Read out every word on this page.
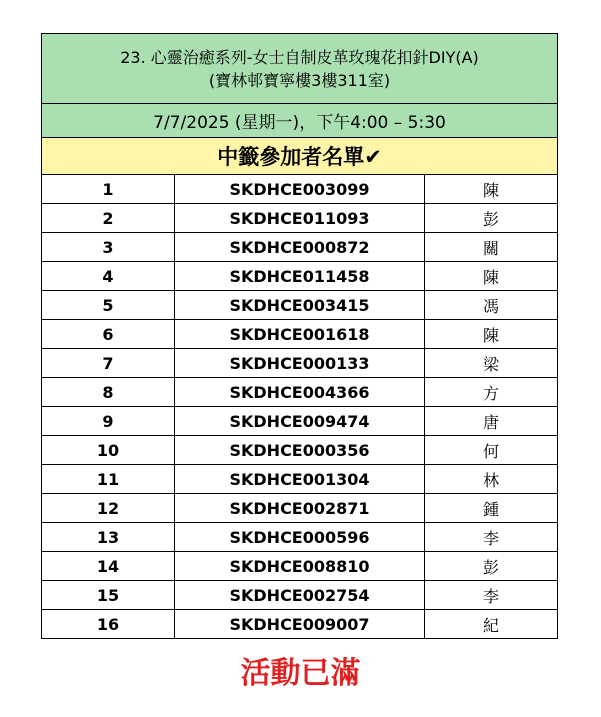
23. 心靈治癒系列-女士自制皮革玫瑰花扣針DIY(A)
(寶林邨寶寧樓3樓311室)		

7/7/2025 (星期一)，下午4:00 – 5:30		
中籤參加者名單✔		
1	SKDHCE003099	陳
2	SKDHCE011093	彭
3	SKDHCE000872	關
4	SKDHCE011458	陳
5	SKDHCE003415	馮
6	SKDHCE001618	陳
7	SKDHCE000133	梁
8	SKDHCE004366	方
9	SKDHCE009474	唐
10	SKDHCE000356	何
11	SKDHCE001304	林
12	SKDHCE002871	鍾
13	SKDHCE000596	李
14	SKDHCE008810	彭
15	SKDHCE002754	李
16	SKDHCE009007	紀
活動已滿
